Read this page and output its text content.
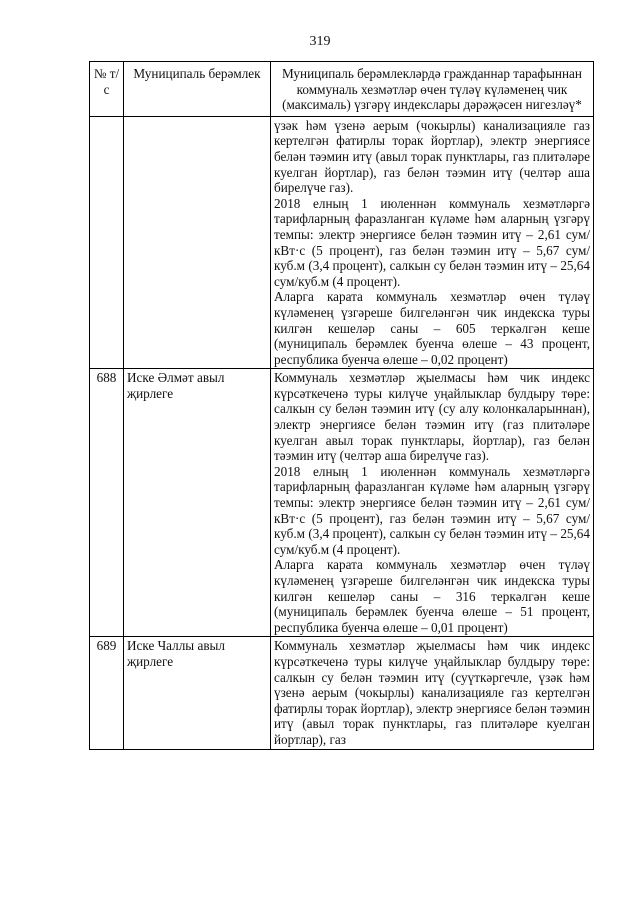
319
№ т/с	Муниципаль берәмлек	Муниципаль берәмлекләрдә гражданнар тарафыннан коммуналь хезмәтләр өчен түләү күләменең чик (максималь) үзгәрү индекслары дәрәҗәсен нигезләү*

		үзәк һәм үзенә аерым (чокырлы) канализацияле газ кертелгән фатирлы торак йортлар), электр энергиясе белән тәэмин итү (авыл торак пунктлары, газ плитәләре куелган йортлар), газ белән тәэмин итү (челтәр аша бирелүче газ).

2018 елның 1 июленнән коммуналь хезмәтләргә тарифларның фаразланган күләме һәм аларның үзгәрү темпы: электр энергиясе белән тәэмин итү – 2,61 сум/кВт·с (5 процент), газ белән тәэмин итү – 5,67 сум/куб.м (3,4 процент), салкын су белән тәэмин итү – 25,64 сум/куб.м (4 процент).

Аларга карата коммуналь хезмәтләр өчен түләү күләменең үзгәреше билгеләнгән чик индекска туры килгән кешеләр саны – 605 теркәлгән кеше (муниципаль берәмлек буенча өлеше – 43 процент, республика буенча өлеше – 0,02 процент)

688	Иске Әлмәт авыл җирлеге	Коммуналь хезмәтләр җыелмасы һәм чик индекс күрсәткеченә туры килүче уңайлыклар булдыру төре: салкын су белән тәэмин итү (су алу колонкаларыннан), электр энергиясе белән тәэмин итү (газ плитәләре куелган авыл торак пунктлары, йортлар), газ белән тәэмин итү (челтәр аша бирелүче газ).

2018 елның 1 июленнән коммуналь хезмәтләргә тарифларның фаразланган күләме һәм аларның үзгәрү темпы: электр энергиясе белән тәэмин итү – 2,61 сум/кВт·с (5 процент), газ белән тәэмин итү – 5,67 сум/куб.м (3,4 процент), салкын су белән тәэмин итү – 25,64 сум/куб.м (4 процент).

Аларга карата коммуналь хезмәтләр өчен түләү күләменең үзгәреше билгеләнгән чик индекска туры килгән кешеләр саны – 316 теркәлгән кеше (муниципаль берәмлек буенча өлеше – 51 процент, республика буенча өлеше – 0,01 процент)

689	Иске Чаллы авыл җирлеге	Коммуналь хезмәтләр җыелмасы һәм чик индекс күрсәткеченә туры килүче уңайлыклар булдыру төре: салкын су белән тәэмин итү (суүткәргечле, үзәк һәм үзенә аерым (чокырлы) канализацияле газ кертелгән фатирлы торак йортлар), электр энергиясе белән тәэмин итү (авыл торак пунктлары, газ плитәләре куелган йортлар), газ
